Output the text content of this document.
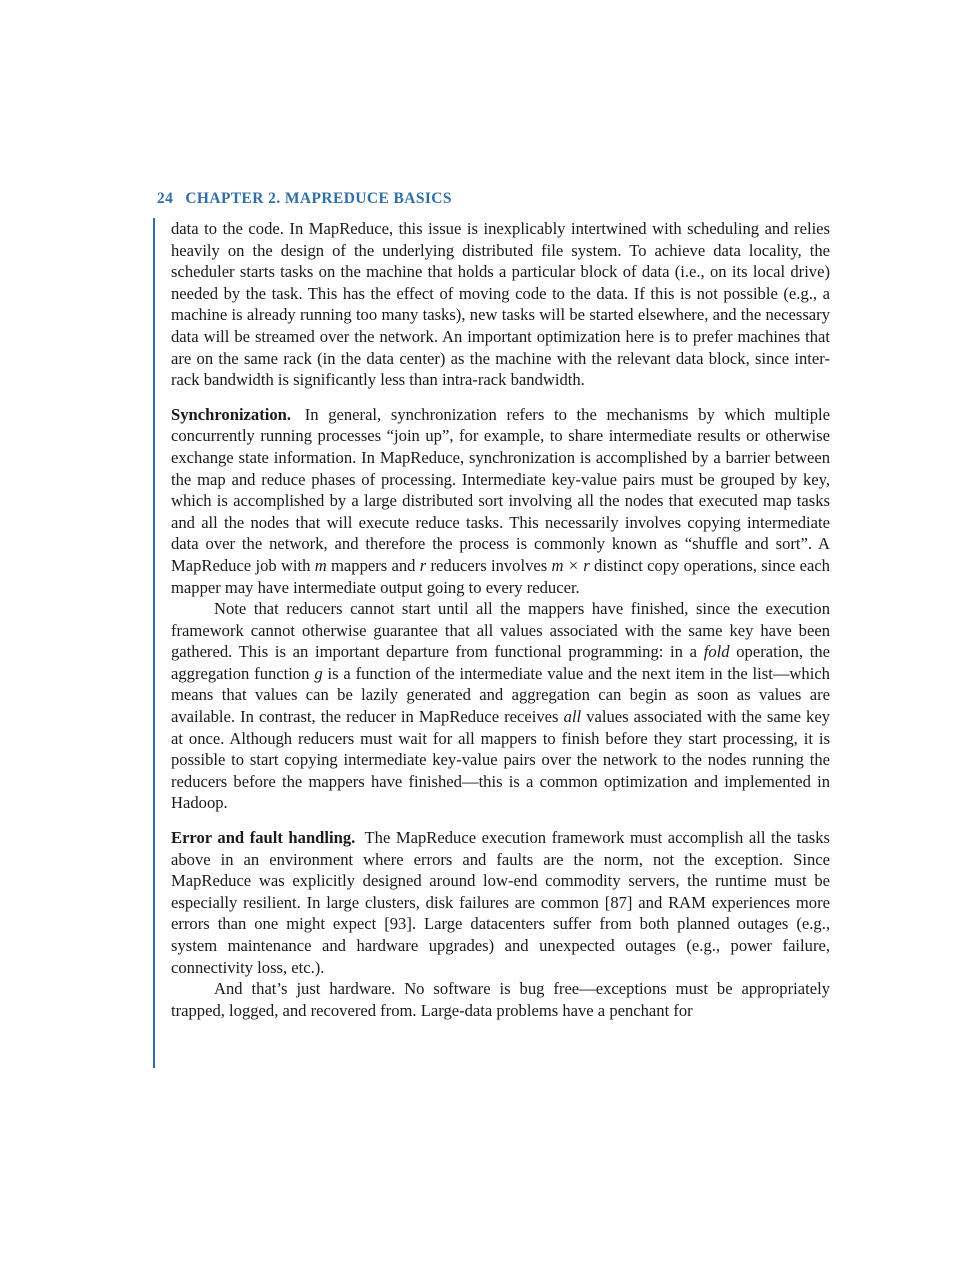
24 CHAPTER 2. MAPREDUCE BASICS

data to the code. In MapReduce, this issue is inexplicably intertwined with scheduling and relies heavily on the design of the underlying distributed file system. To achieve data locality, the scheduler starts tasks on the machine that holds a particular block of data (i.e., on its local drive) needed by the task. This has the effect of moving code to the data. If this is not possible (e.g., a machine is already running too many tasks), new tasks will be started elsewhere, and the necessary data will be streamed over the network. An important optimization here is to prefer machines that are on the same rack (in the data center) as the machine with the relevant data block, since inter-rack bandwidth is significantly less than intra-rack bandwidth.

Synchronization. In general, synchronization refers to the mechanisms by which multiple concurrently running processes “join up”, for example, to share intermediate results or otherwise exchange state information. In MapReduce, synchronization is accomplished by a barrier between the map and reduce phases of processing. Intermediate key-value pairs must be grouped by key, which is accomplished by a large distributed sort involving all the nodes that executed map tasks and all the nodes that will execute reduce tasks. This necessarily involves copying intermediate data over the network, and therefore the process is commonly known as “shuffle and sort”. A MapReduce job with m mappers and r reducers involves m × r distinct copy operations, since each mapper may have intermediate output going to every reducer.

Note that reducers cannot start until all the mappers have finished, since the execution framework cannot otherwise guarantee that all values associated with the same key have been gathered. This is an important departure from functional programming: in a fold operation, the aggregation function g is a function of the intermediate value and the next item in the list—which means that values can be lazily generated and aggregation can begin as soon as values are available. In contrast, the reducer in MapReduce receives all values associated with the same key at once. Although reducers must wait for all mappers to finish before they start processing, it is possible to start copying intermediate key-value pairs over the network to the nodes running the reducers before the mappers have finished—this is a common optimization and implemented in Hadoop.

Error and fault handling. The MapReduce execution framework must accomplish all the tasks above in an environment where errors and faults are the norm, not the exception. Since MapReduce was explicitly designed around low-end commodity servers, the runtime must be especially resilient. In large clusters, disk failures are common [87] and RAM experiences more errors than one might expect [93]. Large datacenters suffer from both planned outages (e.g., system maintenance and hardware upgrades) and unexpected outages (e.g., power failure, connectivity loss, etc.).

And that’s just hardware. No software is bug free—exceptions must be appropriately trapped, logged, and recovered from. Large-data problems have a penchant for
